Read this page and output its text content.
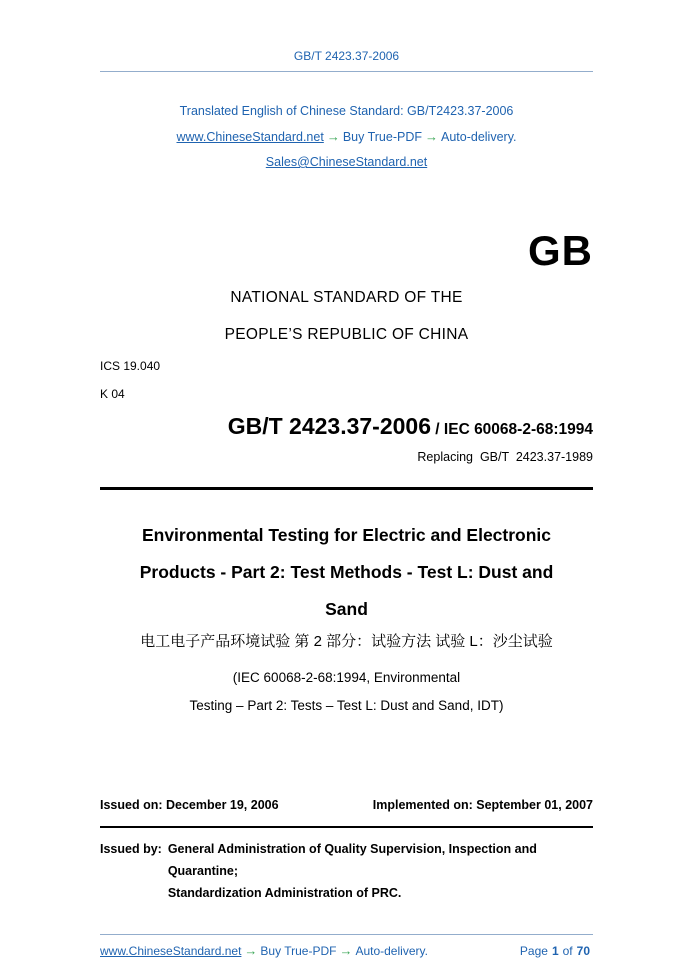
GB/T 2423.37-2006
Translated English of Chinese Standard: GB/T2423.37-2006
www.ChineseStandard.net → Buy True-PDF → Auto-delivery.
Sales@ChineseStandard.net
GB
NATIONAL STANDARD OF THE
PEOPLE’S REPUBLIC OF CHINA
ICS 19.040
K 04
GB/T 2423.37-2006 / IEC 60068-2-68:1994
Replacing  GB/T  2423.37-1989
Environmental Testing for Electric and Electronic
Products - Part 2: Test Methods - Test L: Dust and
Sand
电工电子产品环境试验 第 2 部分：试验方法 试验 L：沙尘试验
(IEC 60068-2-68:1994, Environmental
Testing – Part 2: Tests – Test L: Dust and Sand, IDT)
Issued on: December 19, 2006	Implemented on: September 01, 2007
Issued by: General Administration of Quality Supervision, Inspection and
Quarantine;
Standardization Administration of PRC.
www.ChineseStandard.net → Buy True-PDF → Auto-delivery.	Page 1 of 70
